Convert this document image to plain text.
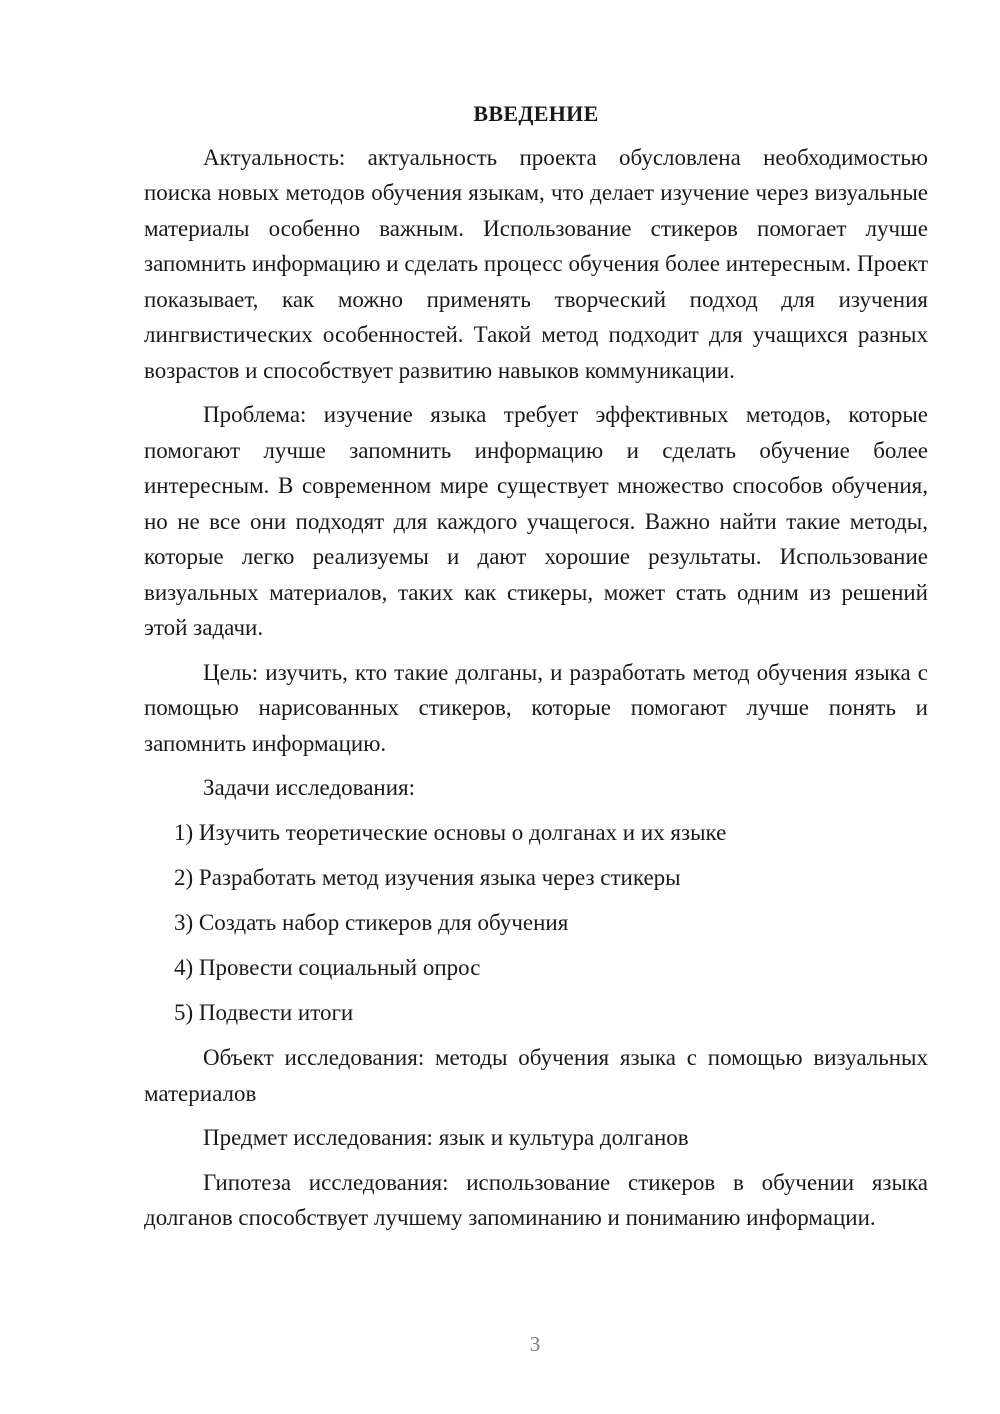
ВВЕДЕНИЕ

Актуальность: актуальность проекта обусловлена необходимостью поиска новых методов обучения языкам, что делает изучение через визуальные материалы особенно важным. Использование стикеров помогает лучше запомнить информацию и сделать процесс обучения более интересным. Проект показывает, как можно применять творческий подход для изучения лингвистических особенностей. Такой метод подходит для учащихся разных возрастов и способствует развитию навыков коммуникации.

Проблема: изучение языка требует эффективных методов, которые помогают лучше запомнить информацию и сделать обучение более интересным. В современном мире существует множество способов обучения, но не все они подходят для каждого учащегося. Важно найти такие методы, которые легко реализуемы и дают хорошие результаты. Использование визуальных материалов, таких как стикеры, может стать одним из решений этой задачи.

Цель: изучить, кто такие долганы, и разработать метод обучения языка с помощью нарисованных стикеров, которые помогают лучше понять и запомнить информацию.

Задачи исследования:
1) Изучить теоретические основы о долганах и их языке
2) Разработать метод изучения языка через стикеры
3) Создать набор стикеров для обучения
4) Провести социальный опрос
5) Подвести итоги

Объект исследования: методы обучения языка с помощью визуальных материалов

Предмет исследования: язык и культура долганов

Гипотеза исследования: использование стикеров в обучении языка долганов способствует лучшему запоминанию и пониманию информации.

3
